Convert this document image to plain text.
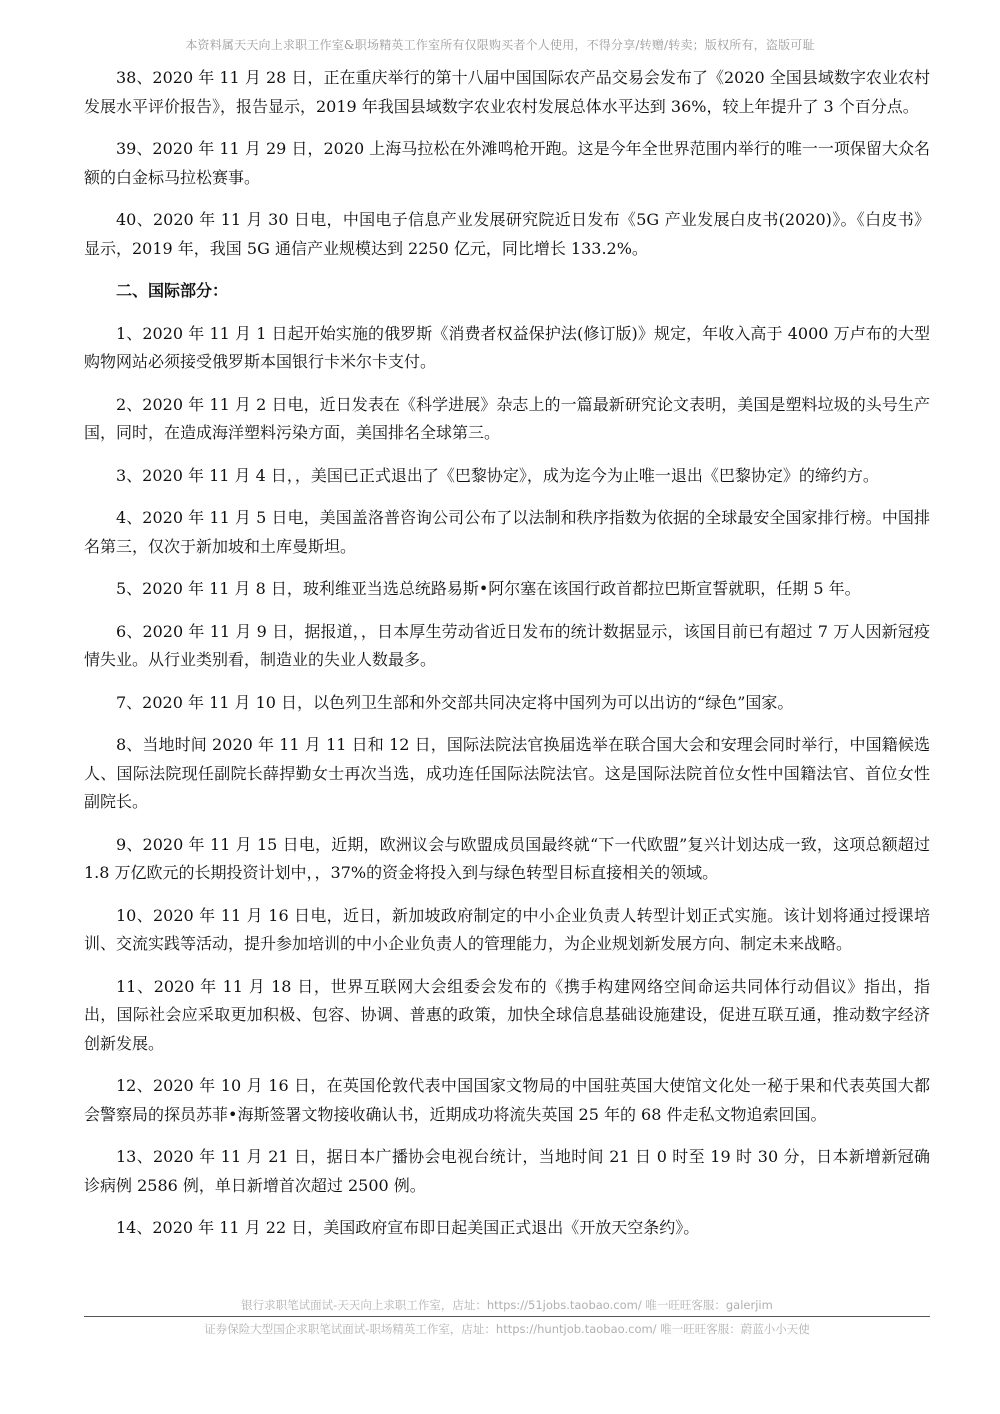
本资料属天天向上求职工作室&职场精英工作室所有仅限购买者个人使用，不得分享/转赠/转卖；版权所有，盗版可耻

38、2020 年 11 月 28 日，正在重庆举行的第十八届中国国际农产品交易会发布了《2020 全国县域数字农业农村发展水平评价报告》，报告显示，2019 年我国县域数字农业农村发展总体水平达到 36%，较上年提升了 3 个百分点。

39、2020 年 11 月 29 日，2020 上海马拉松在外滩鸣枪开跑。这是今年全世界范围内举行的唯一一项保留大众名额的白金标马拉松赛事。

40、2020 年 11 月 30 日电，中国电子信息产业发展研究院近日发布《5G 产业发展白皮书(2020)》。《白皮书》显示，2019 年，我国 5G 通信产业规模达到 2250 亿元，同比增长 133.2%。

二、国际部分：

1、2020 年 11 月 1 日起开始实施的俄罗斯《消费者权益保护法(修订版)》规定，年收入高于 4000 万卢布的大型购物网站必须接受俄罗斯本国银行卡米尔卡支付。

2、2020 年 11 月 2 日电，近日发表在《科学进展》杂志上的一篇最新研究论文表明，美国是塑料垃圾的头号生产国，同时，在造成海洋塑料污染方面，美国排名全球第三。

3、2020 年 11 月 4 日，，美国已正式退出了《巴黎协定》，成为迄今为止唯一退出《巴黎协定》的缔约方。

4、2020 年 11 月 5 日电，美国盖洛普咨询公司公布了以法制和秩序指数为依据的全球最安全国家排行榜。中国排名第三，仅次于新加坡和土库曼斯坦。

5、2020 年 11 月 8 日，玻利维亚当选总统路易斯•阿尔塞在该国行政首都拉巴斯宣誓就职，任期 5 年。

6、2020 年 11 月 9 日，据报道，，日本厚生劳动省近日发布的统计数据显示，该国目前已有超过 7 万人因新冠疫情失业。从行业类别看，制造业的失业人数最多。

7、2020 年 11 月 10 日，以色列卫生部和外交部共同决定将中国列为可以出访的“绿色”国家。

8、当地时间 2020 年 11 月 11 日和 12 日，国际法院法官换届选举在联合国大会和安理会同时举行，中国籍候选人、国际法院现任副院长薛捍勤女士再次当选，成功连任国际法院法官。这是国际法院首位女性中国籍法官、首位女性副院长。

9、2020 年 11 月 15 日电，近期，欧洲议会与欧盟成员国最终就“下一代欧盟”复兴计划达成一致，这项总额超过 1.8 万亿欧元的长期投资计划中，，37%的资金将投入到与绿色转型目标直接相关的领域。

10、2020 年 11 月 16 日电，近日，新加坡政府制定的中小企业负责人转型计划正式实施。该计划将通过授课培训、交流实践等活动，提升参加培训的中小企业负责人的管理能力，为企业规划新发展方向、制定未来战略。

11、2020 年 11 月 18 日，世界互联网大会组委会发布的《携手构建网络空间命运共同体行动倡议》指出，指出，国际社会应采取更加积极、包容、协调、普惠的政策，加快全球信息基础设施建设，促进互联互通，推动数字经济创新发展。

12、2020 年 10 月 16 日，在英国伦敦代表中国国家文物局的中国驻英国大使馆文化处一秘于果和代表英国大都会警察局的探员苏菲•海斯签署文物接收确认书，近期成功将流失英国 25 年的 68 件走私文物追索回国。

13、2020 年 11 月 21 日，据日本广播协会电视台统计，当地时间 21 日 0 时至 19 时 30 分，日本新增新冠确诊病例 2586 例，单日新增首次超过 2500 例。

14、2020 年 11 月 22 日，美国政府宣布即日起美国正式退出《开放天空条约》。

银行求职笔试面试-天天向上求职工作室，店址：https://51jobs.taobao.com/ 唯一旺旺客服：galerjim
证券保险大型国企求职笔试面试-职场精英工作室，店址：https://huntjob.taobao.com/ 唯一旺旺客服：蔚蓝小小天使
